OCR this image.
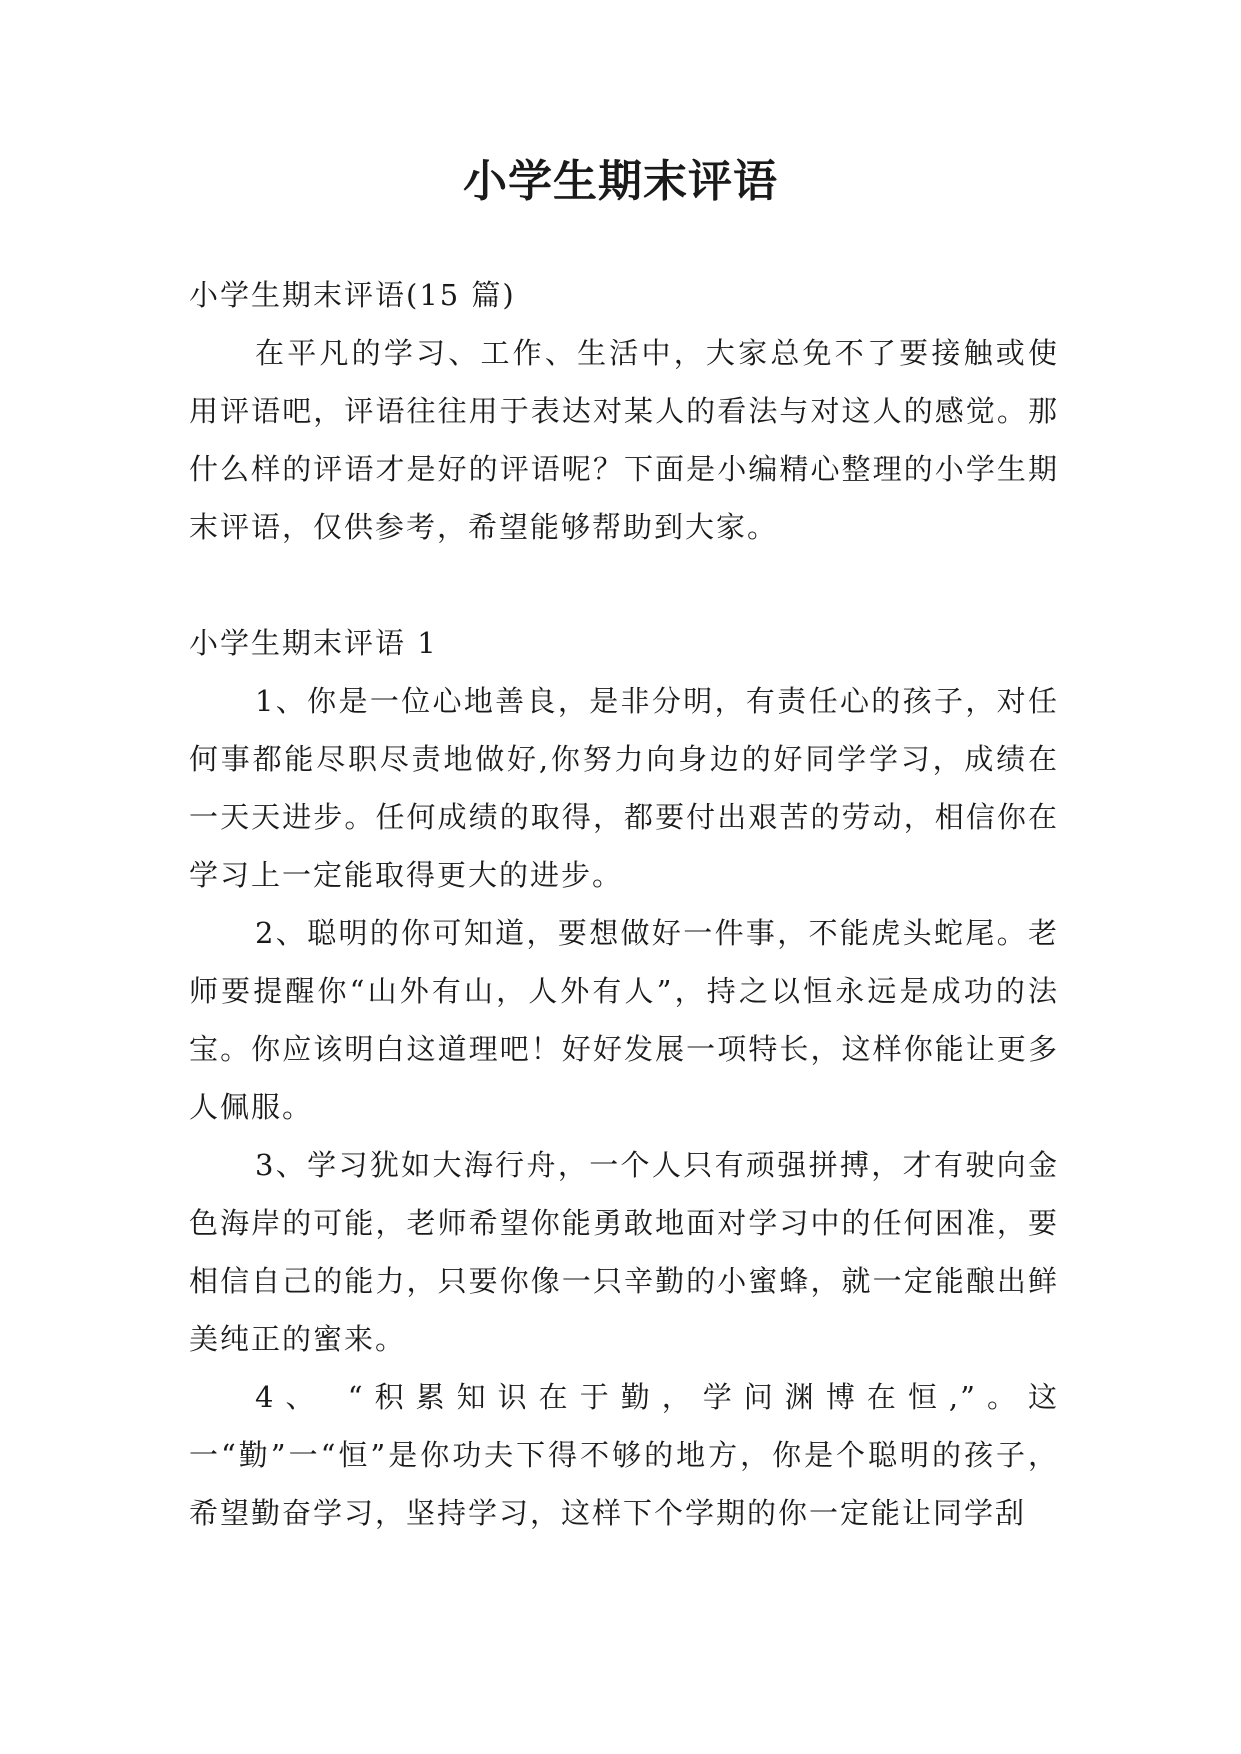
小学生期末评语

小学生期末评语(15 篇)

在平凡的学习、工作、生活中，大家总免不了要接触或使用评语吧，评语往往用于表达对某人的看法与对这人的感觉。那什么样的评语才是好的评语呢？下面是小编精心整理的小学生期末评语，仅供参考，希望能够帮助到大家。

小学生期末评语 1

1、你是一位心地善良，是非分明，有责任心的孩子，对任何事都能尽职尽责地做好,你努力向身边的好同学学习，成绩在一天天进步。任何成绩的取得，都要付出艰苦的劳动，相信你在学习上一定能取得更大的进步。

2、聪明的你可知道，要想做好一件事，不能虎头蛇尾。老师要提醒你“山外有山，人外有人”，持之以恒永远是成功的法宝。你应该明白这道理吧！好好发展一项特长，这样你能让更多人佩服。

3、学习犹如大海行舟，一个人只有顽强拼搏，才有驶向金色海岸的可能，老师希望你能勇敢地面对学习中的任何困准，要相信自己的能力，只要你像一只辛勤的小蜜蜂，就一定能酿出鲜美纯正的蜜来。

4、 “积累知识在于勤，学问渊博在恒,”。这一“勤”一“恒”是你功夫下得不够的地方，你是个聪明的孩子，希望勤奋学习，坚持学习，这样下个学期的你一定能让同学刮
